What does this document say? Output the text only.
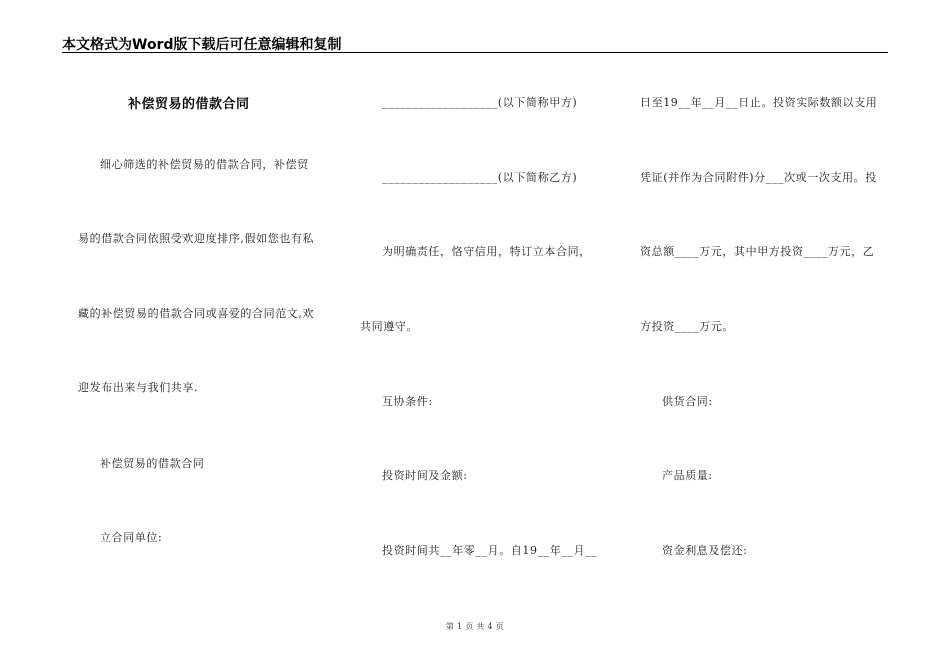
本文格式为Word版下载后可任意编辑和复制
补偿贸易的借款合同
细心筛选的补偿贸易的借款合同，补偿贸
易的借款合同依照受欢迎度排序,假如您也有私
藏的补偿贸易的借款合同或喜爱的合同范文,欢
迎发布出来与我们共享.
补偿贸易的借款合同
立合同单位:
___________________(以下简称甲方)
___________________(以下简称乙方)
为明确责任，恪守信用，特订立本合同，
共同遵守。
互协条件:
投资时间及金额:
投资时间共__年零__月。自19__年__月__
日至19__年__月__日止。投资实际数额以支用
凭证(并作为合同附件)分___次或一次支用。投
资总额____万元，其中甲方投资____万元，乙
方投资____万元。
供货合同:
产品质量:
资金利息及偿还:
第 1 页 共 4 页
